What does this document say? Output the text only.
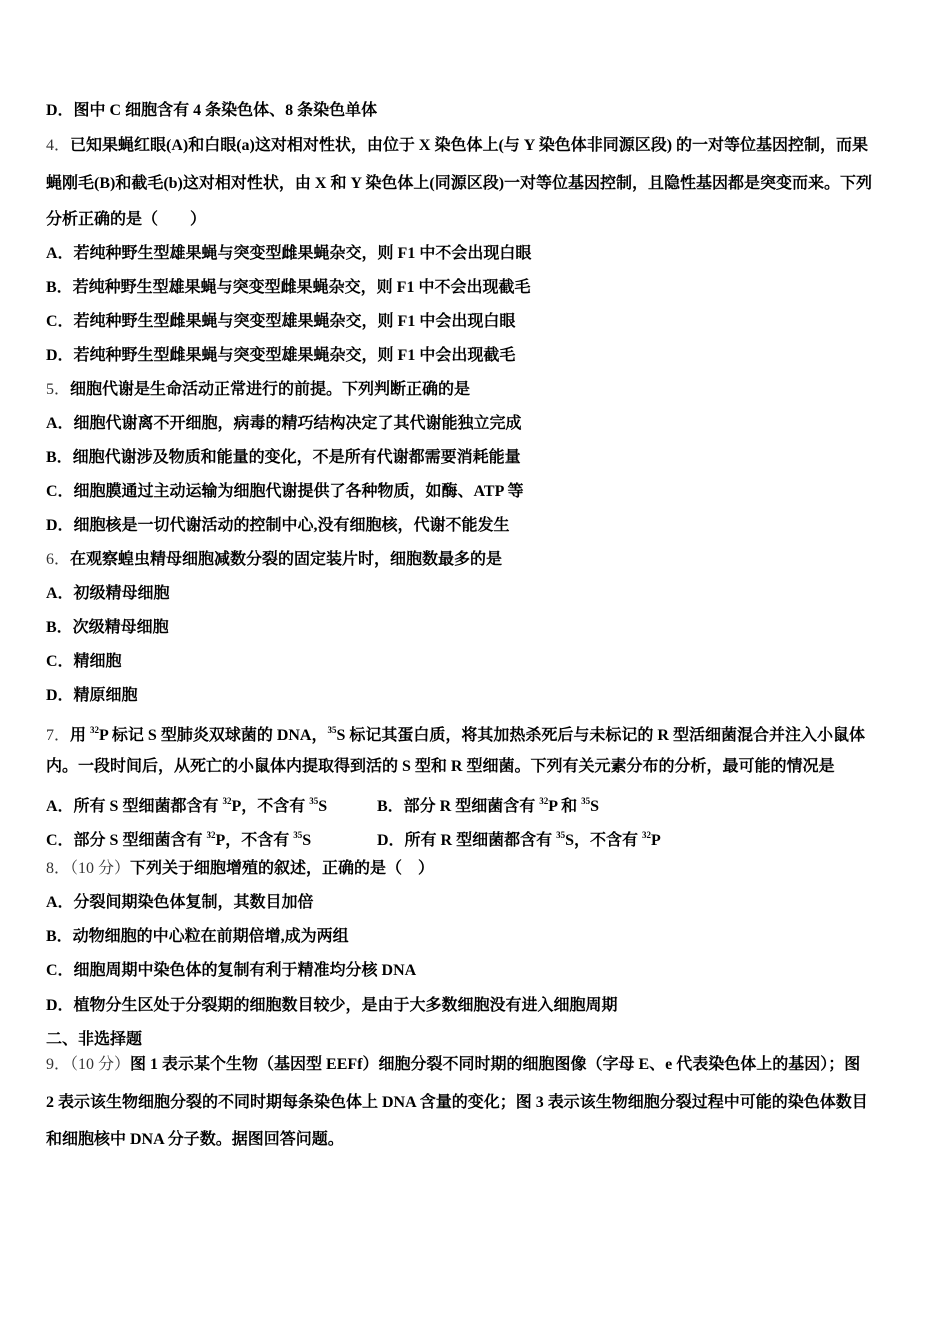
D．图中 C 细胞含有 4 条染色体、8 条染色单体
4．已知果蝇红眼(A)和白眼(a)这对相对性状，由位于 X 染色体上(与 Y 染色体非同源区段) 的一对等位基因控制，而果
蝇刚毛(B)和截毛(b)这对相对性状，由 X 和 Y 染色体上(同源区段)一对等位基因控制，且隐性基因都是突变而来。下列
分析正确的是（　　）
A．若纯种野生型雄果蝇与突变型雌果蝇杂交，则 F1 中不会出现白眼
B．若纯种野生型雄果蝇与突变型雌果蝇杂交，则 F1 中不会出现截毛
C．若纯种野生型雌果蝇与突变型雄果蝇杂交，则 F1 中会出现白眼
D．若纯种野生型雌果蝇与突变型雄果蝇杂交，则 F1 中会出现截毛
5．细胞代谢是生命活动正常进行的前提。下列判断正确的是
A．细胞代谢离不开细胞，病毒的精巧结构决定了其代谢能独立完成
B．细胞代谢涉及物质和能量的变化，不是所有代谢都需要消耗能量
C．细胞膜通过主动运输为细胞代谢提供了各种物质，如酶、ATP 等
D．细胞核是一切代谢活动的控制中心,没有细胞核，代谢不能发生
6．在观察蝗虫精母细胞减数分裂的固定装片时，细胞数最多的是
A．初级精母细胞
B．次级精母细胞
C．精细胞
D．精原细胞
7．用 $^{32}$P 标记 S 型肺炎双球菌的 DNA，$^{35}$S 标记其蛋白质，将其加热杀死后与未标记的 R 型活细菌混合并注入小鼠体
内。一段时间后，从死亡的小鼠体内提取得到活的 S 型和 R 型细菌。下列有关元素分布的分析，最可能的情况是
A．所有 S 型细菌都含有 $^{32}$P，不含有 $^{35}$S	B．部分 R 型细菌含有 $^{32}$P 和 $^{35}$S
C．部分 S 型细菌含有 $^{32}$P，不含有 $^{35}$S	D．所有 R 型细菌都含有 $^{35}$S，不含有 $^{32}$P
8．（10 分）下列关于细胞增殖的叙述，正确的是（　）
A．分裂间期染色体复制，其数目加倍
B．动物细胞的中心粒在前期倍增,成为两组
C．细胞周期中染色体的复制有利于精准均分核 DNA
D．植物分生区处于分裂期的细胞数目较少，是由于大多数细胞没有进入细胞周期
二、非选择题
9．（10 分）图 1 表示某个生物（基因型 EEFf）细胞分裂不同时期的细胞图像（字母 E、e 代表染色体上的基因）；图
2 表示该生物细胞分裂的不同时期每条染色体上 DNA 含量的变化；图 3 表示该生物细胞分裂过程中可能的染色体数目
和细胞核中 DNA 分子数。据图回答问题。
